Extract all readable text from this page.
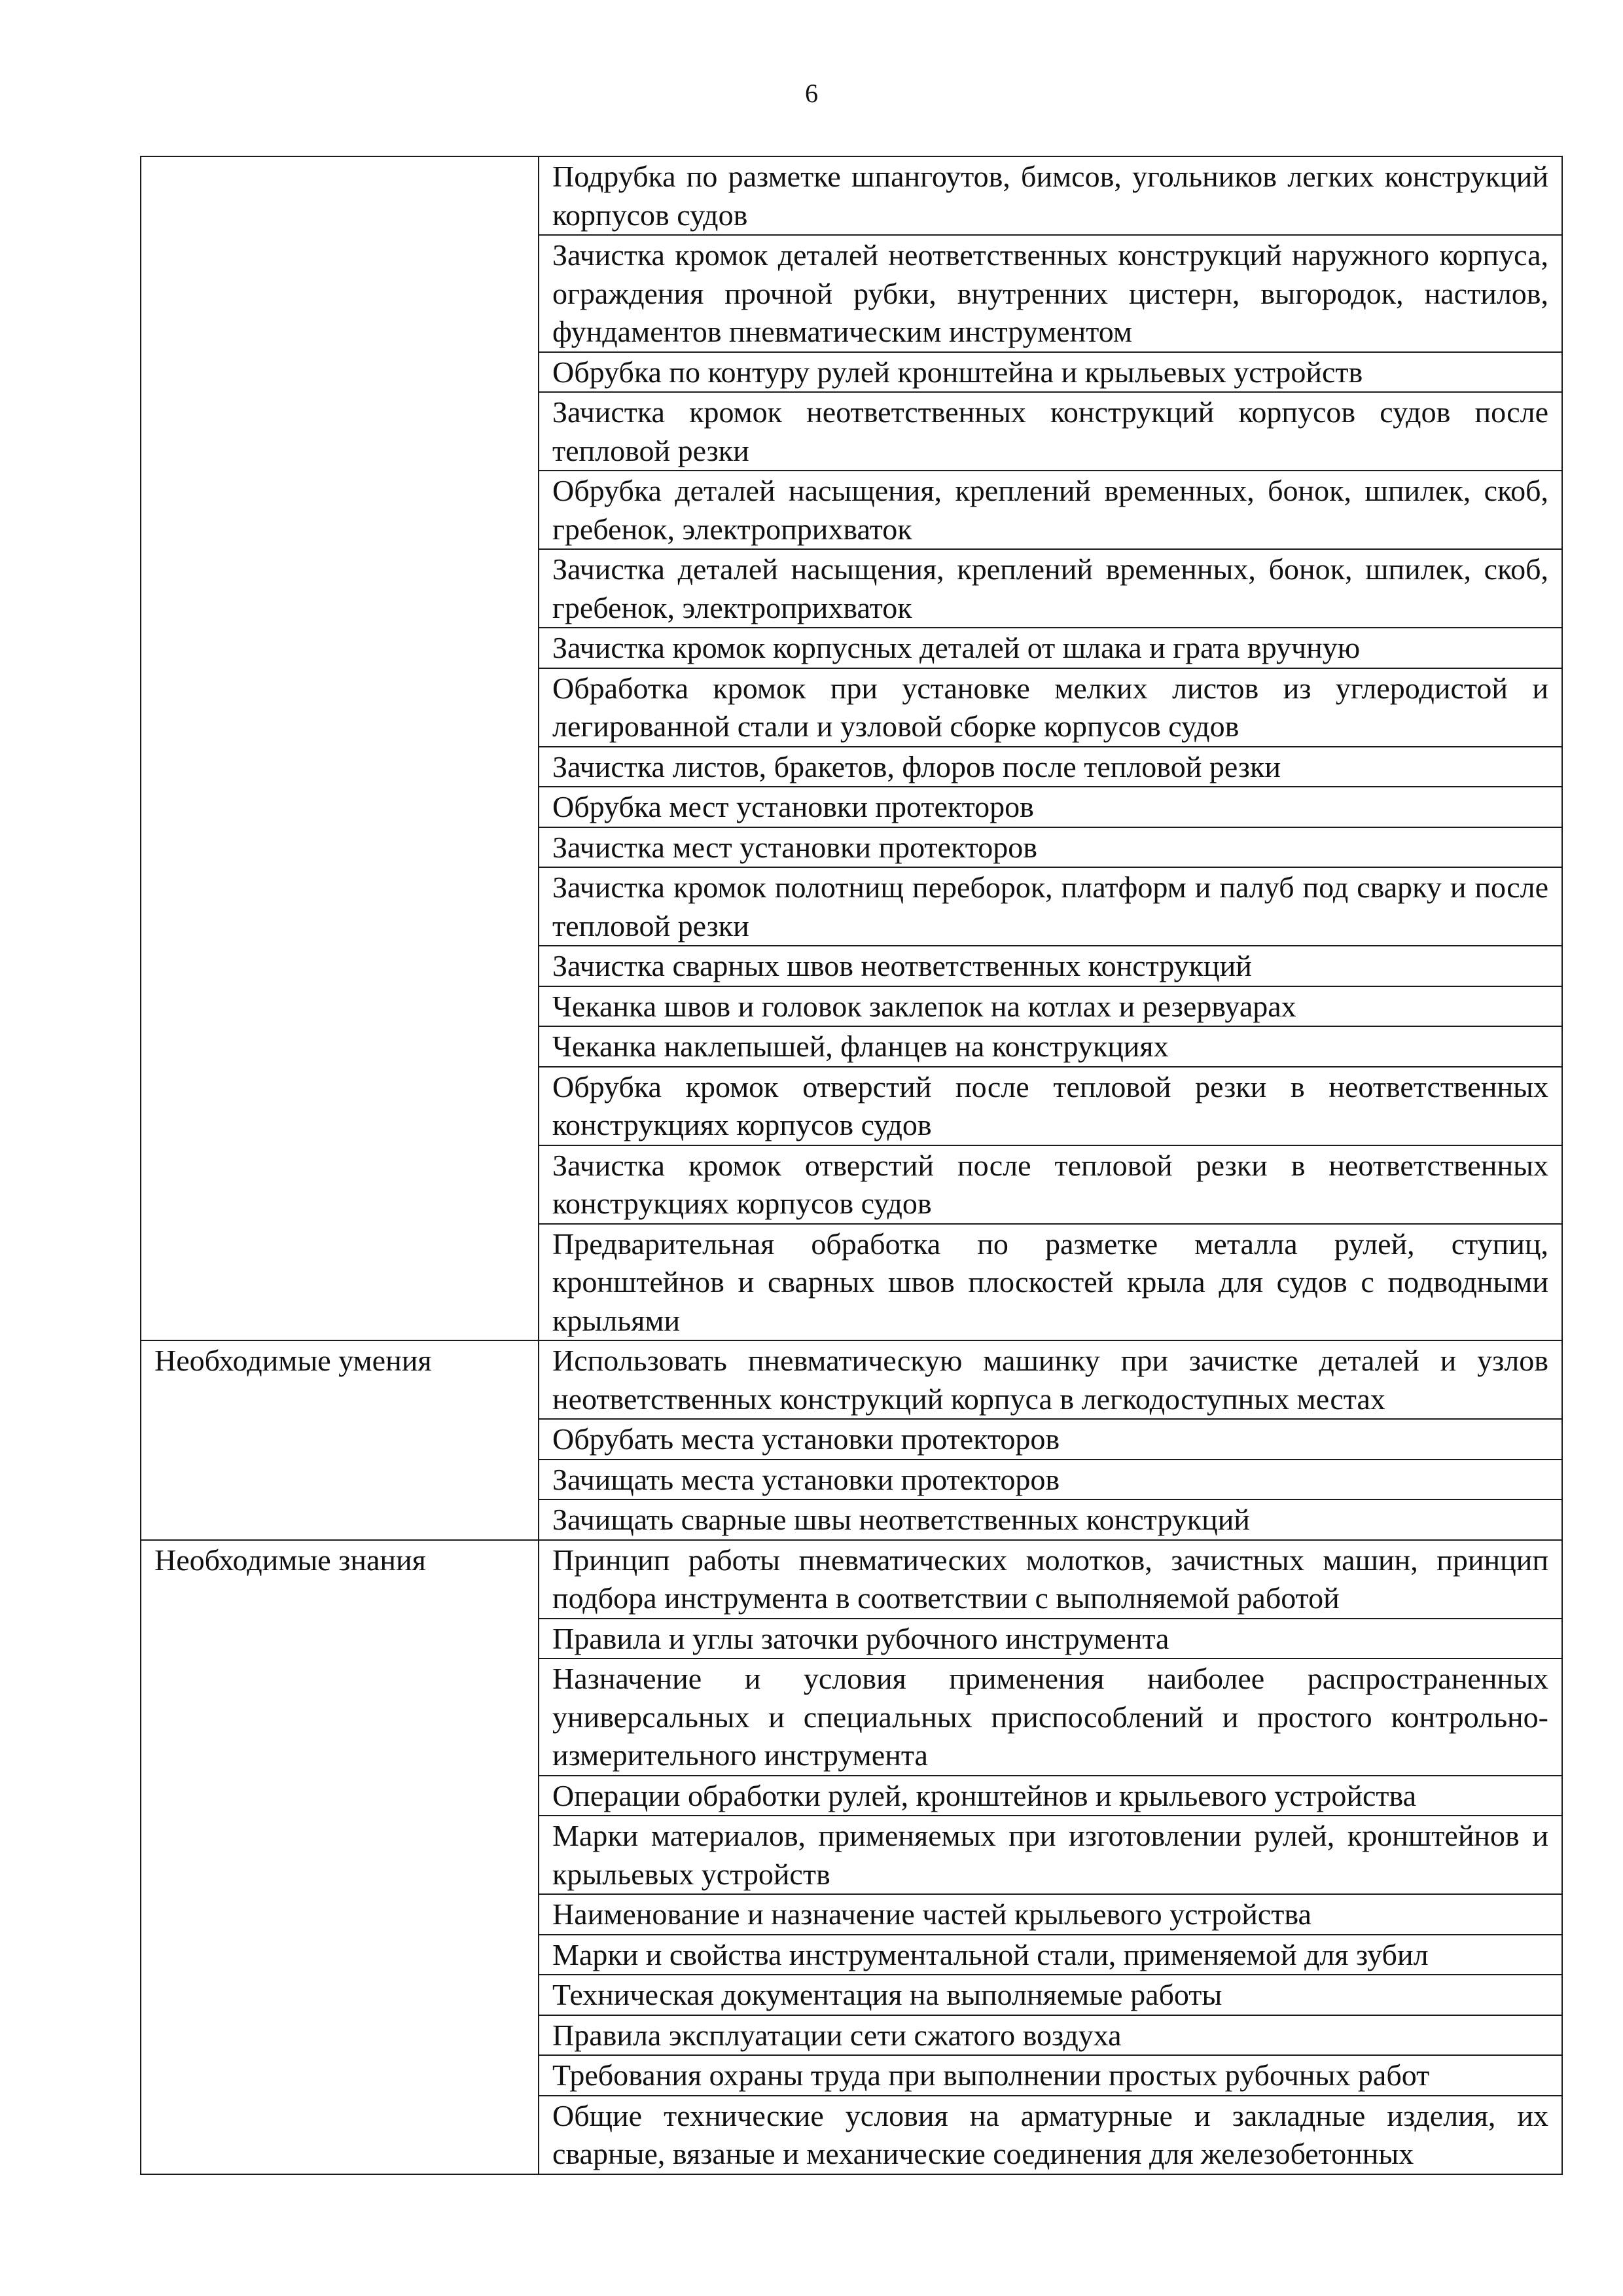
6
	Подрубка по разметке шпангоутов, бимсов, угольников легких конструкций корпусов судов
	Зачистка кромок деталей неответственных конструкций наружного корпуса, ограждения прочной рубки, внутренних цистерн, выгородок, настилов, фундаментов пневматическим инструментом
	Обрубка по контуру рулей кронштейна и крыльевых устройств
	Зачистка кромок неответственных конструкций корпусов судов после тепловой резки
	Обрубка деталей насыщения, креплений временных, бонок, шпилек, скоб, гребенок, электроприхваток
	Зачистка деталей насыщения, креплений временных, бонок, шпилек, скоб, гребенок, электроприхваток
	Зачистка кромок корпусных деталей от шлака и грата вручную
	Обработка кромок при установке мелких листов из углеродистой и легированной стали и узловой сборке корпусов судов
	Зачистка листов, бракетов, флоров после тепловой резки
	Обрубка мест установки протекторов
	Зачистка мест установки протекторов
	Зачистка кромок полотнищ переборок, платформ и палуб под сварку и после тепловой резки
	Зачистка сварных швов неответственных конструкций
	Чеканка швов и головок заклепок на котлах и резервуарах
	Чеканка наклепышей, фланцев на конструкциях
	Обрубка кромок отверстий после тепловой резки в неответственных конструкциях корпусов судов
	Зачистка кромок отверстий после тепловой резки в неответственных конструкциях корпусов судов
	Предварительная обработка по разметке металла рулей, ступиц, кронштейнов и сварных швов плоскостей крыла для судов с подводными крыльями
Необходимые умения	Использовать пневматическую машинку при зачистке деталей и узлов неответственных конструкций корпуса в легкодоступных местах
	Обрубать места установки протекторов
	Зачищать места установки протекторов
	Зачищать сварные швы неответственных конструкций
Необходимые знания	Принцип работы пневматических молотков, зачистных машин, принцип подбора инструмента в соответствии с выполняемой работой
	Правила и углы заточки рубочного инструмента
	Назначение и условия применения наиболее распространенных универсальных и специальных приспособлений и простого контрольно-измерительного инструмента
	Операции обработки рулей, кронштейнов и крыльевого устройства
	Марки материалов, применяемых при изготовлении рулей, кронштейнов и крыльевых устройств
	Наименование и назначение частей крыльевого устройства
	Марки и свойства инструментальной стали, применяемой для зубил
	Техническая документация на выполняемые работы
	Правила эксплуатации сети сжатого воздуха
	Требования охраны труда при выполнении простых рубочных работ
	Общие технические условия на арматурные и закладные изделия, их сварные, вязаные и механические соединения для железобетонных
